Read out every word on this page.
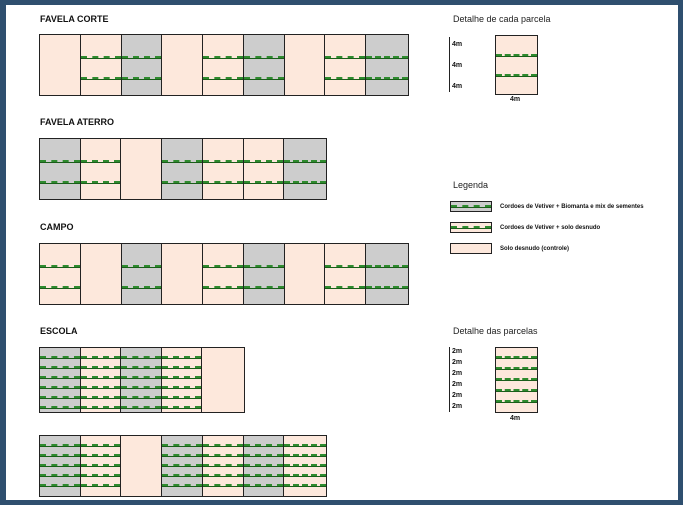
FAVELA CORTE
FAVELA ATERRO
CAMPO
ESCOLA
Detalhe de cada parcela
4m
4m
4m
4m
Legenda
Cordoes de Vetiver + Biomanta e mix de sementes
Cordoes de Vetiver + solo desnudo
Solo desnudo (controle)
Detalhe das parcelas
2m
2m
2m
2m
2m
2m
4m
